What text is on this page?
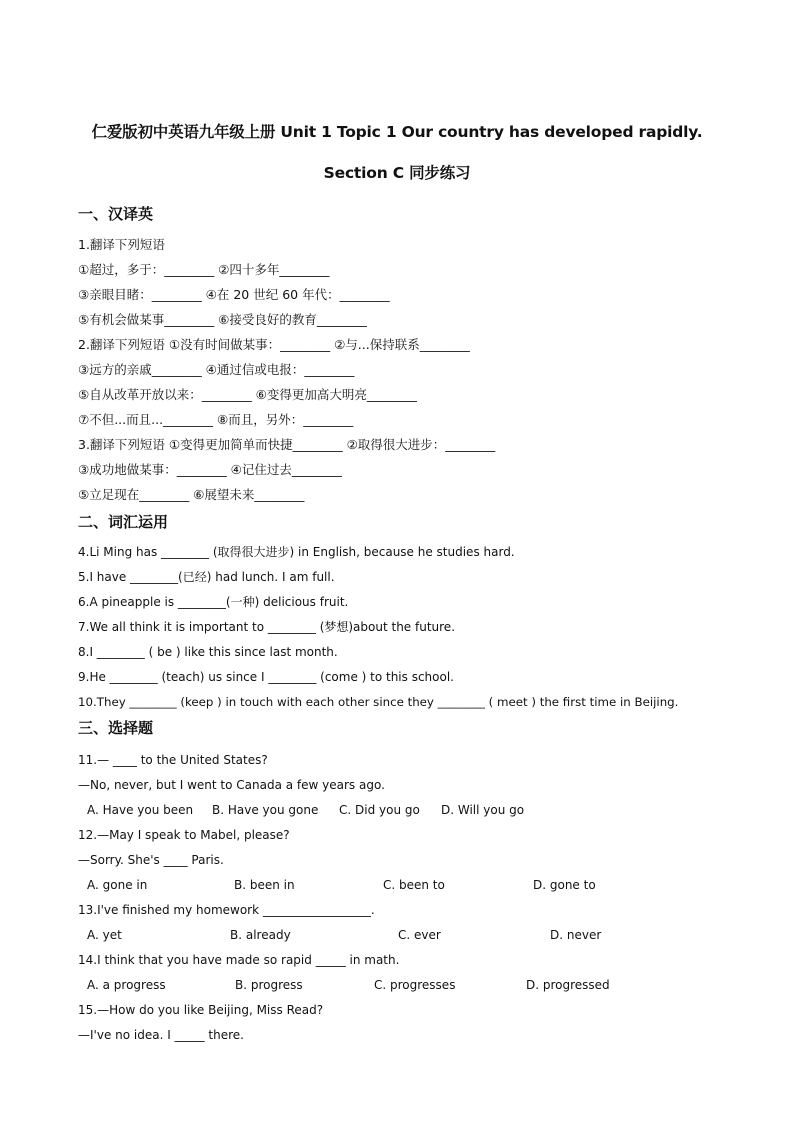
仁爱版初中英语九年级上册 Unit 1 Topic 1 Our country has developed rapidly.
Section C 同步练习
一、汉译英
1.翻译下列短语
①超过，多于：________ ②四十多年________
③亲眼目睹：________ ④在 20 世纪 60 年代：________
⑤有机会做某事________ ⑥接受良好的教育________
2.翻译下列短语 ①没有时间做某事：________ ②与...保持联系________
③远方的亲戚________ ④通过信或电报：________
⑤自从改革开放以来：________ ⑥变得更加高大明亮________
⑦不但...而且...________ ⑧而且，另外：________
3.翻译下列短语 ①变得更加简单而快捷________ ②取得很大进步：________
③成功地做某事：________ ④记住过去________
⑤立足现在________ ⑥展望未来________
二、词汇运用
4.Li Ming has ________ (取得很大进步) in English, because he studies hard.
5.I have ________(已经) had lunch. I am full.
6.A pineapple is ________(一种) delicious fruit.
7.We all think it is important to ________ (梦想)about the future.
8.I ________ ( be ) like this since last month.
9.He ________ (teach) us since I ________ (come ) to this school.
10.They ________ (keep ) in touch with each other since they ________ ( meet ) the first time in Beijing.
三、选择题
11.— ____ to the United States?
—No, never, but I went to Canada a few years ago.
A. Have you been B. Have you gone C. Did you go D. Will you go
12.—May I speak to Mabel, please?
—Sorry. She's ____ Paris.
A. gone in	B. been in	C. been to	D. gone to
13.I've finished my homework __________________.
A. yet	B. already	C. ever	D. never
14.I think that you have made so rapid _____ in math.
A. a progress	B. progress	C. progresses	D. progressed
15.—How do you like Beijing, Miss Read?
—I've no idea. I _____ there.
